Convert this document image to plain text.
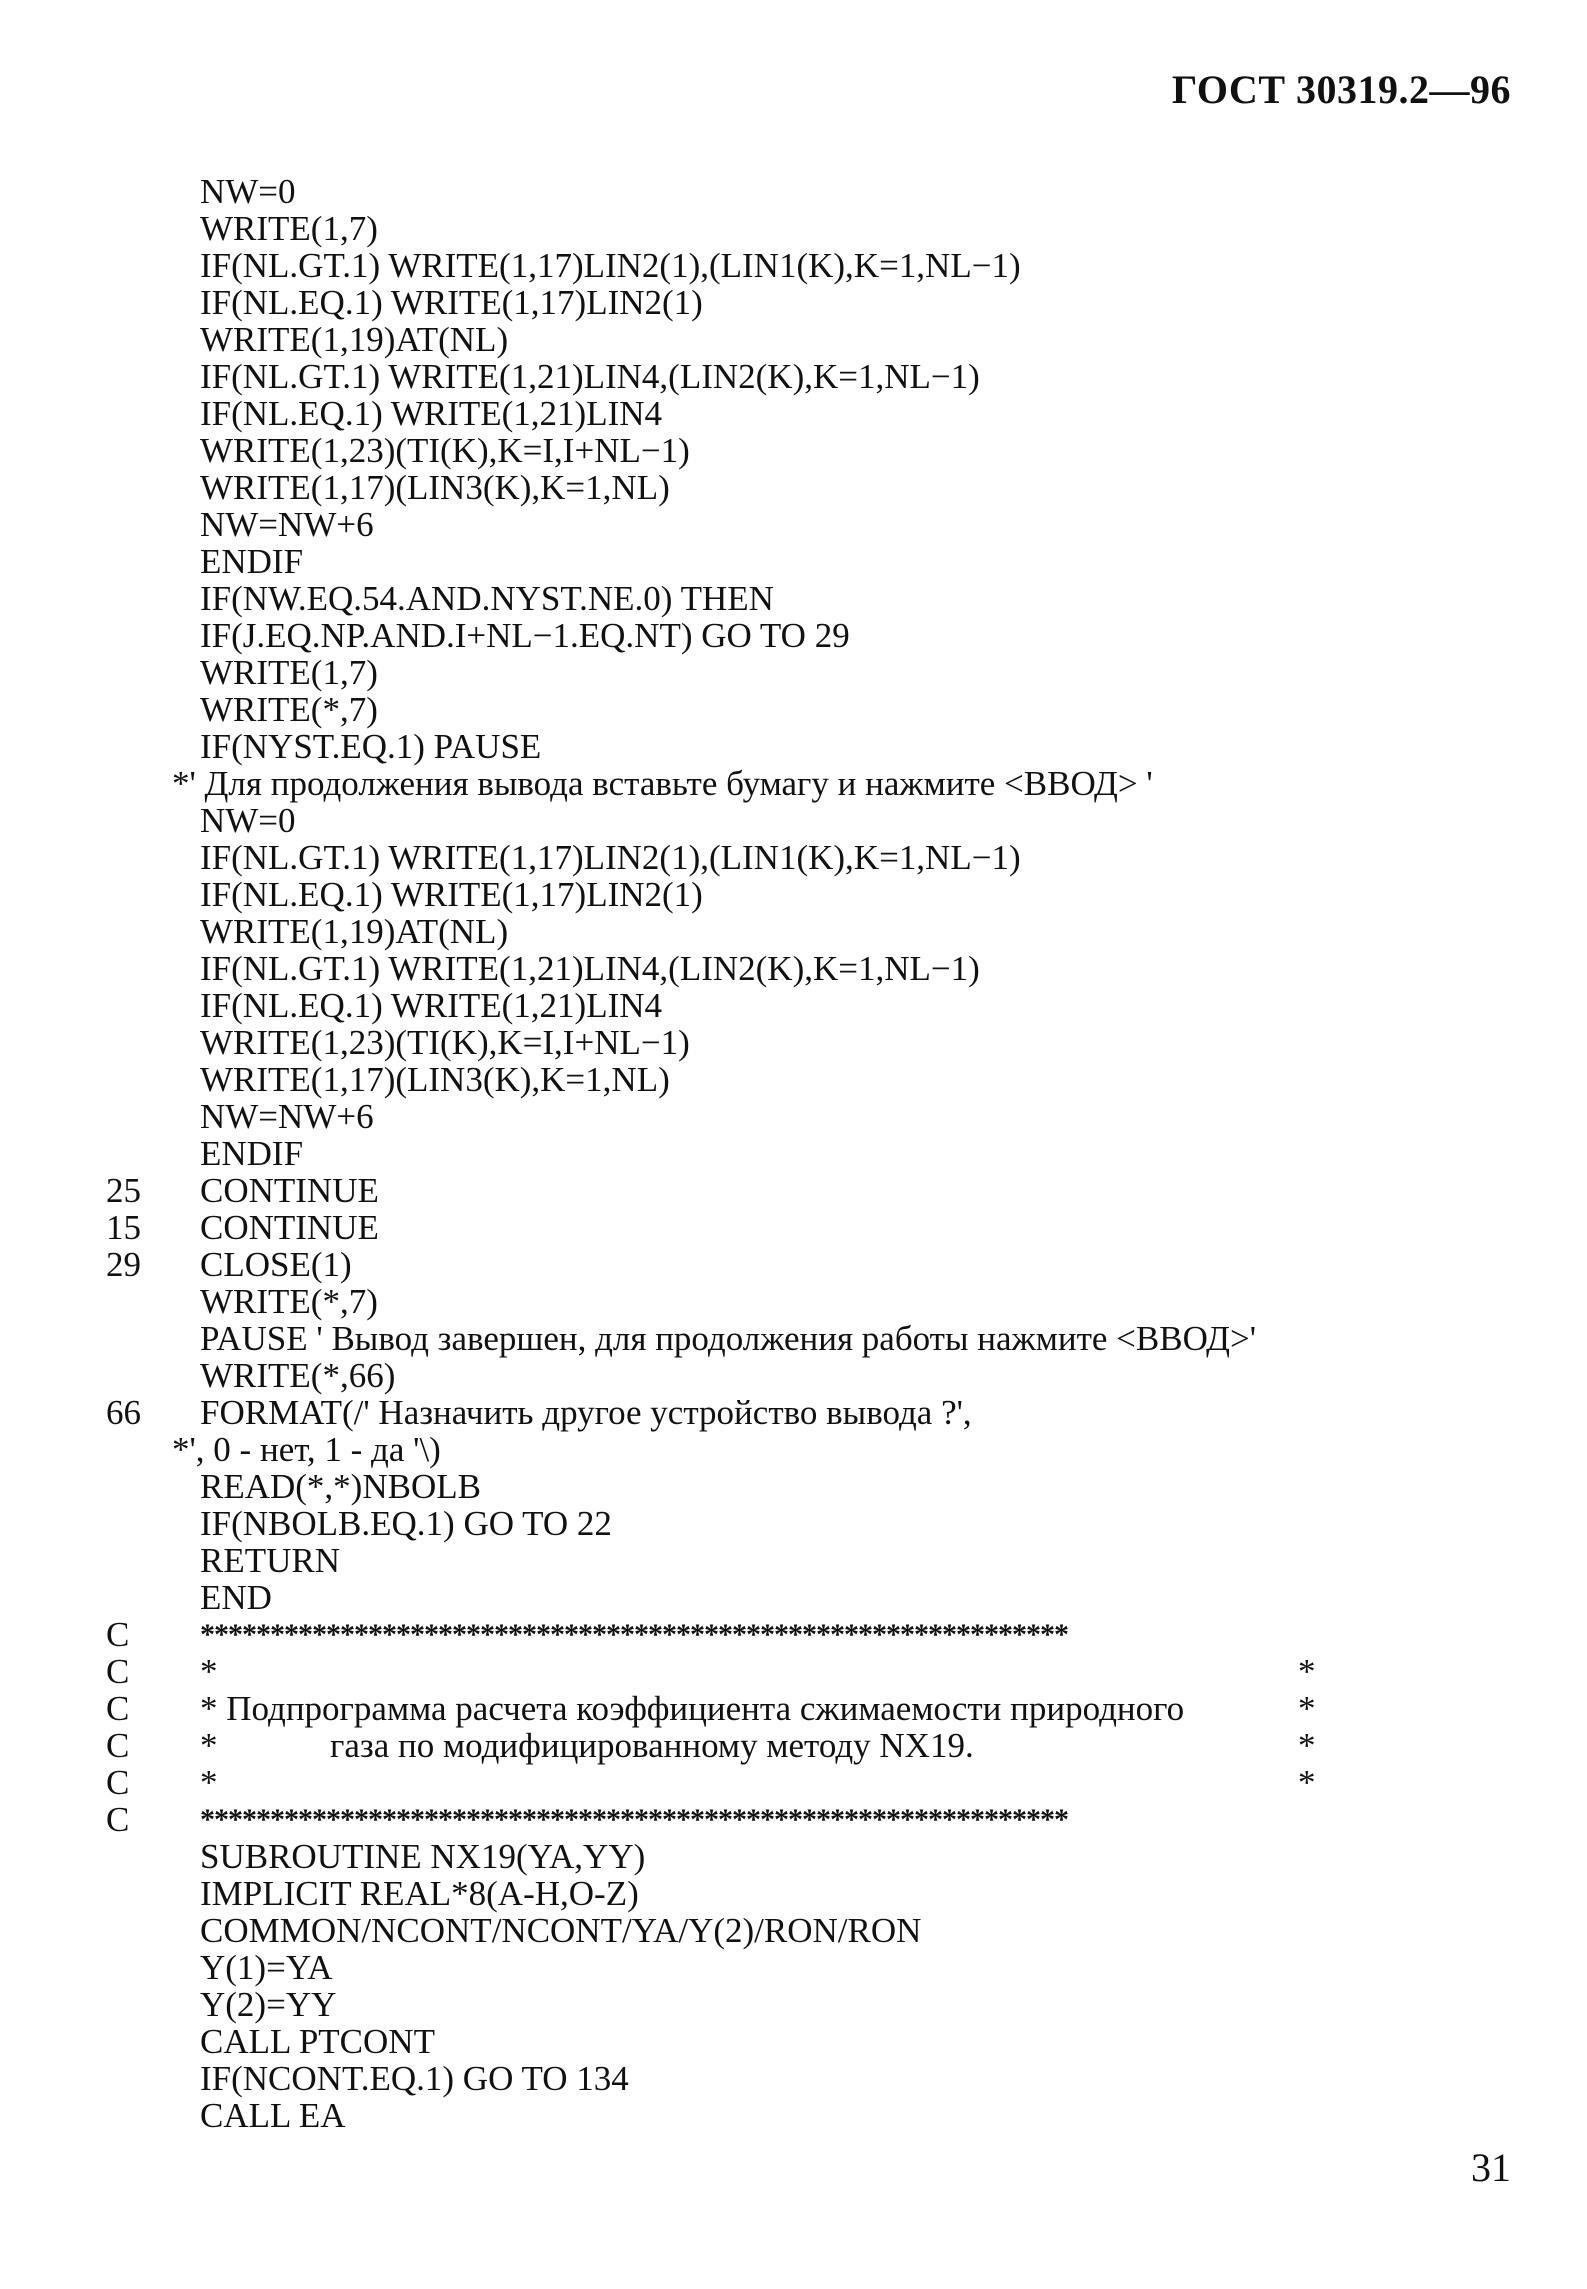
ГОСТ 30319.2—96
NW=0
WRITE(1,7)
IF(NL.GT.1) WRITE(1,17)LIN2(1),(LIN1(K),K=1,NL−1)
IF(NL.EQ.1) WRITE(1,17)LIN2(1)
WRITE(1,19)AT(NL)
IF(NL.GT.1) WRITE(1,21)LIN4,(LIN2(K),K=1,NL−1)
IF(NL.EQ.1) WRITE(1,21)LIN4
WRITE(1,23)(TI(K),K=I,I+NL−1)
WRITE(1,17)(LIN3(K),K=1,NL)
NW=NW+6
ENDIF
IF(NW.EQ.54.AND.NYST.NE.0) THEN
IF(J.EQ.NP.AND.I+NL−1.EQ.NT) GO TO 29
WRITE(1,7)
WRITE(*,7)
IF(NYST.EQ.1) PAUSE
*' Для продолжения вывода вставьте бумагу и нажмите <ВВОД> '
NW=0
IF(NL.GT.1) WRITE(1,17)LIN2(1),(LIN1(K),K=1,NL−1)
IF(NL.EQ.1) WRITE(1,17)LIN2(1)
WRITE(1,19)AT(NL)
IF(NL.GT.1) WRITE(1,21)LIN4,(LIN2(K),K=1,NL−1)
IF(NL.EQ.1) WRITE(1,21)LIN4
WRITE(1,23)(TI(K),K=I,I+NL−1)
WRITE(1,17)(LIN3(K),K=1,NL)
NW=NW+6
ENDIF
25 CONTINUE
15 CONTINUE
29 CLOSE(1)
WRITE(*,7)
PAUSE ' Вывод завершен, для продолжения работы нажмите <ВВОД>'
WRITE(*,66)
66 FORMAT(/' Назначить другое устройство вывода ?',
*', 0 - нет, 1 - да '\)
READ(*,*)NBOLB
IF(NBOLB.EQ.1) GO TO 22
RETURN
END
C **************************************************************
C *	*
C * Подпрограмма расчета коэффициента сжимаемости природного	*
C *	газа по модифицированному методу NX19.	*
C *	*
C **************************************************************
SUBROUTINE NX19(YA,YY)
IMPLICIT REAL*8(A-H,O-Z)
COMMON/NCONT/NCONT/YA/Y(2)/RON/RON
Y(1)=YA
Y(2)=YY
CALL PTCONT
IF(NCONT.EQ.1) GO TO 134
CALL EA
31
